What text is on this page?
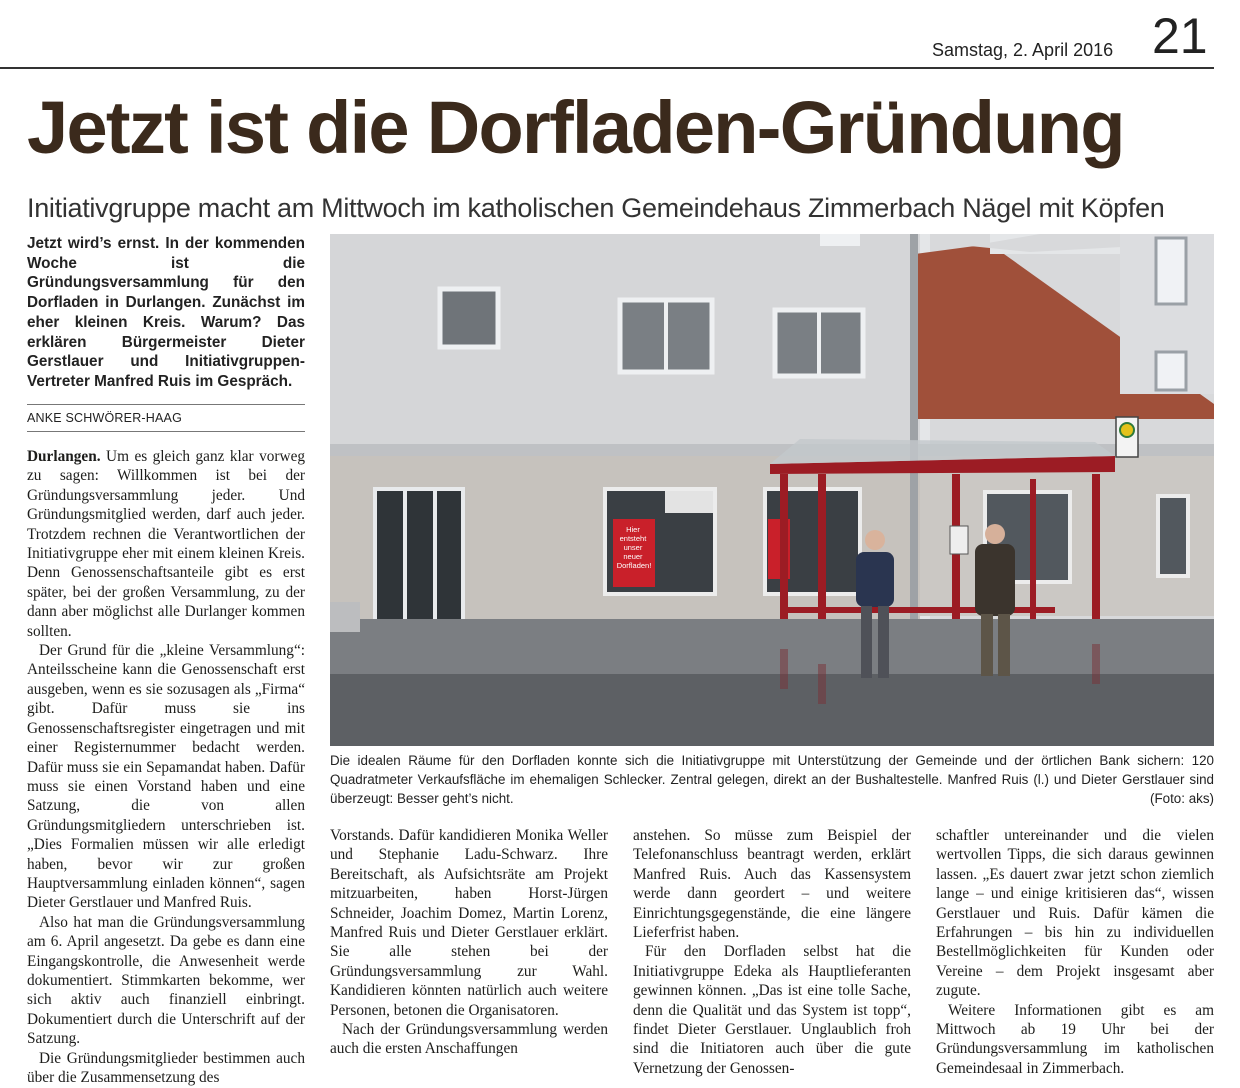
Samstag, 2. April 2016 21
Jetzt ist die Dorfladen-Gründung
Initiativgruppe macht am Mittwoch im katholischen Gemeindehaus Zimmerbach Nägel mit Köpfen
Jetzt wird’s ernst. In der kommenden Woche ist die Gründungsversammlung für den Dorfladen in Durlangen. Zunächst im eher kleinen Kreis. Warum? Das erklären Bürgermeister Dieter Gerstlauer und Initiativgruppen-Vertreter Manfred Ruis im Gespräch.
ANKE SCHWÖRER-HAAG

Durlangen. Um es gleich ganz klar vorweg zu sagen: Willkommen ist bei der Gründungsversammlung jeder. Und Gründungsmitglied werden, darf auch jeder. Trotzdem rechnen die Verantwortlichen der Initiativgruppe eher mit einem kleinen Kreis. Denn Genossenschaftsanteile gibt es erst später, bei der großen Versammlung, zu der dann aber möglichst alle Durlanger kommen sollten.

Der Grund für die „kleine Versammlung“: Anteilsscheine kann die Genossenschaft erst ausgeben, wenn es sie sozusagen als „Firma“ gibt. Dafür muss sie ins Genossenschaftsregister eingetragen und mit einer Registernummer bedacht werden. Dafür muss sie ein Sepamandat haben. Dafür muss sie einen Vorstand haben und eine Satzung, die von allen Gründungsmitgliedern unterschrieben ist. „Dies Formalien müssen wir alle erledigt haben, bevor wir zur großen Hauptversammlung einladen können“, sagen Dieter Gerstlauer und Manfred Ruis.

Also hat man die Gründungsversammlung am 6. April angesetzt. Da gebe es dann eine Eingangskontrolle, die Anwesenheit werde dokumentiert. Stimmkarten bekomme, wer sich aktiv auch finanziell einbringt. Dokumentiert durch die Unterschrift auf der Satzung.

Die Gründungsmitglieder bestimmen auch über die Zusammensetzung des

Hier entsteht unser neuer Dorfladen!
Die idealen Räume für den Dorfladen konnte sich die Initiativgruppe mit Unterstützung der Gemeinde und der örtlichen Bank sichern: 120 Quadratmeter Verkaufsfläche im ehemaligen Schlecker. Zentral gelegen, direkt an der Bushaltestelle. Manfred Ruis (l.) und Dieter Gerstlauer sind überzeugt: Besser geht’s nicht.	(Foto: aks)

Vorstands. Dafür kandidieren Monika Weller und Stephanie Ladu-Schwarz. Ihre Bereitschaft, als Aufsichtsräte am Projekt mitzuarbeiten, haben Horst-Jürgen Schneider, Joachim Domez, Martin Lorenz, Manfred Ruis und Dieter Gerstlauer erklärt. Sie alle stehen bei der Gründungsversammlung zur Wahl. Kandidieren könnten natürlich auch weitere Personen, betonen die Organisatoren.

Nach der Gründungsversammlung werden auch die ersten Anschaffungen

anstehen. So müsse zum Beispiel der Telefonanschluss beantragt werden, erklärt Manfred Ruis. Auch das Kassensystem werde dann geordert – und weitere Einrichtungsgegenstände, die eine längere Lieferfrist haben.

Für den Dorfladen selbst hat die Initiativgruppe Edeka als Hauptlieferanten gewinnen können. „Das ist eine tolle Sache, denn die Qualität und das System ist topp“, findet Dieter Gerstlauer. Unglaublich froh sind die Initiatoren auch über die gute Vernetzung der Genossen-

schaftler untereinander und die vielen wertvollen Tipps, die sich daraus gewinnen lassen. „Es dauert zwar jetzt schon ziemlich lange – und einige kritisieren das“, wissen Gerstlauer und Ruis. Dafür kämen die Erfahrungen – bis hin zu individuellen Bestellmöglichkeiten für Kunden oder Vereine – dem Projekt insgesamt aber zugute.

Weitere Informationen gibt es am Mittwoch ab 19 Uhr bei der Gründungsversammlung im katholischen Gemeindesaal in Zimmerbach.
